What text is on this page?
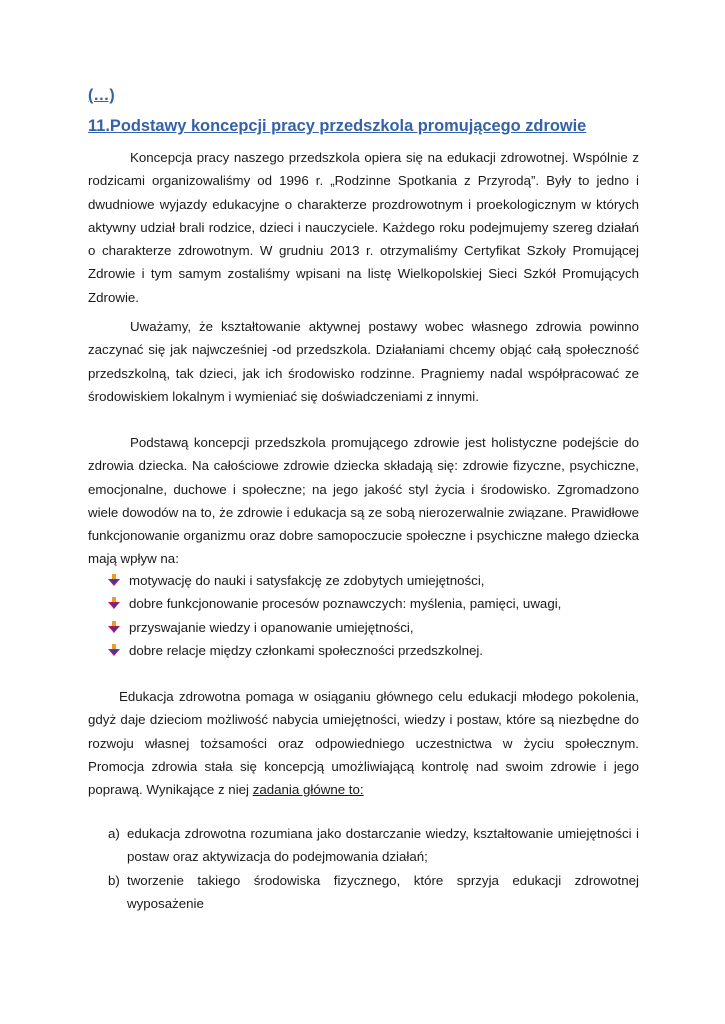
(…)
11.Podstawy koncepcji pracy przedszkola promującego zdrowie

Koncepcja pracy naszego przedszkola opiera się na edukacji zdrowotnej. Wspólnie z rodzicami organizowaliśmy od 1996 r. „Rodzinne Spotkania z Przyrodą”. Były to jedno i dwudniowe wyjazdy edukacyjne o charakterze prozdrowotnym i proekologicznym w których aktywny udział brali rodzice, dzieci i nauczyciele. Każdego roku podejmujemy szereg działań o charakterze zdrowotnym. W grudniu 2013 r. otrzymaliśmy Certyfikat Szkoły Promującej Zdrowie i tym samym zostaliśmy wpisani na listę Wielkopolskiej Sieci Szkół Promujących Zdrowie.

Uważamy, że kształtowanie aktywnej postawy wobec własnego zdrowia powinno zaczynać się jak najwcześniej -od przedszkola. Działaniami chcemy objąć całą społeczność przedszkolną, tak dzieci, jak ich środowisko rodzinne. Pragniemy nadal współpracować ze środowiskiem lokalnym i wymieniać się doświadczeniami z innymi.

Podstawą koncepcji przedszkola promującego zdrowie jest holistyczne podejście do zdrowia dziecka. Na całościowe zdrowie dziecka składają się: zdrowie fizyczne, psychiczne, emocjonalne, duchowe i społeczne; na jego jakość styl życia i środowisko. Zgromadzono wiele dowodów na to, że zdrowie i edukacja są ze sobą nierozerwalnie związane. Prawidłowe funkcjonowanie organizmu oraz dobre samopoczucie społeczne i psychiczne małego dziecka mają wpływ na:

motywację do nauki i satysfakcję ze zdobytych umiejętności,
dobre funkcjonowanie procesów poznawczych: myślenia, pamięci, uwagi,
przyswajanie wiedzy i opanowanie umiejętności,
dobre relacje między członkami społeczności przedszkolnej.

Edukacja zdrowotna pomaga w osiąganiu głównego celu edukacji młodego pokolenia, gdyż daje dzieciom możliwość nabycia umiejętności, wiedzy i postaw, które są niezbędne do rozwoju własnej tożsamości oraz odpowiedniego uczestnictwa w życiu społecznym. Promocja zdrowia stała się koncepcją umożliwiającą kontrolę nad swoim zdrowie i jego poprawą. Wynikające z niej zadania główne to:

a) edukacja zdrowotna rozumiana jako dostarczanie wiedzy, kształtowanie umiejętności i postaw oraz aktywizacja do podejmowania działań;
b) tworzenie takiego środowiska fizycznego, które sprzyja edukacji zdrowotnej wyposażenie
